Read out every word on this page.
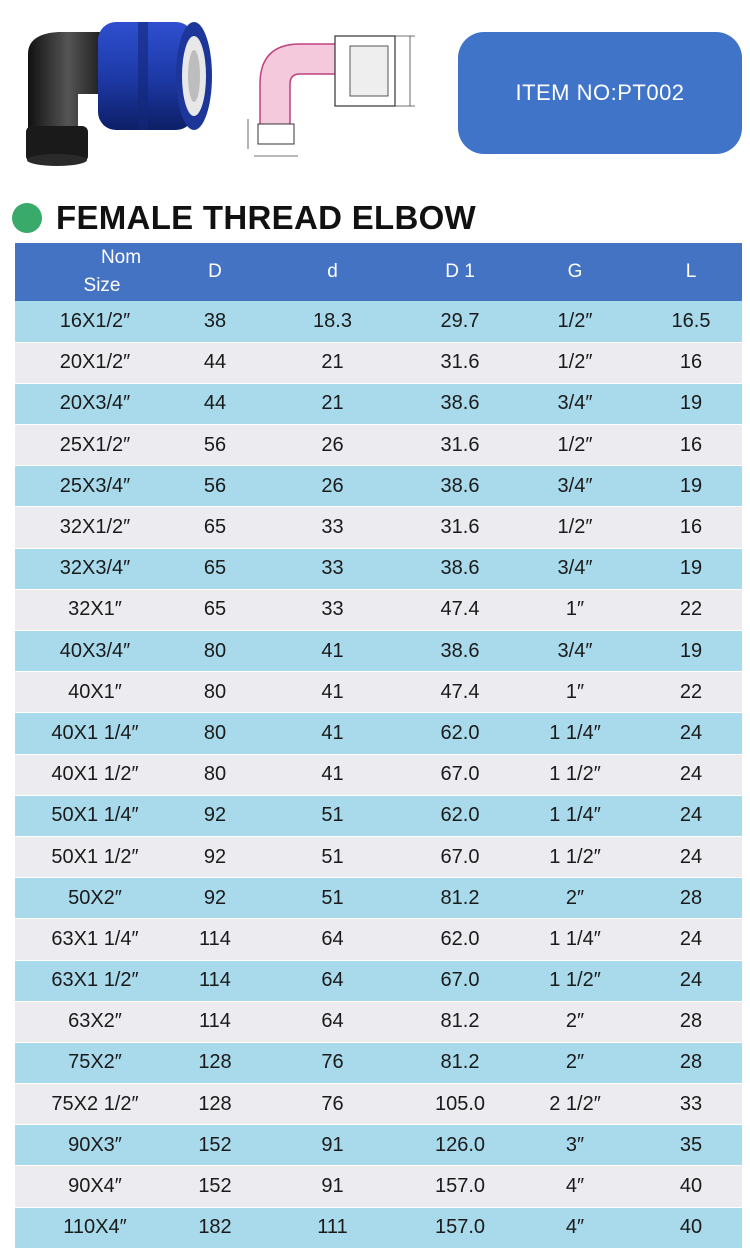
ITEM NO:PT002
FEMALE THREAD ELBOW
Nom
Size	D	d	D 1	G	L
16X1/2″	38	18.3	29.7	1/2″	16.5
20X1/2″	44	21	31.6	1/2″	16
20X3/4″	44	21	38.6	3/4″	19
25X1/2″	56	26	31.6	1/2″	16
25X3/4″	56	26	38.6	3/4″	19
32X1/2″	65	33	31.6	1/2″	16
32X3/4″	65	33	38.6	3/4″	19
32X1″	65	33	47.4	1″	22
40X3/4″	80	41	38.6	3/4″	19
40X1″	80	41	47.4	1″	22
40X1 1/4″	80	41	62.0	1 1/4″	24
40X1 1/2″	80	41	67.0	1 1/2″	24
50X1 1/4″	92	51	62.0	1 1/4″	24
50X1 1/2″	92	51	67.0	1 1/2″	24
50X2″	92	51	81.2	2″	28
63X1 1/4″	114	64	62.0	1 1/4″	24
63X1 1/2″	114	64	67.0	1 1/2″	24
63X2″	114	64	81.2	2″	28
75X2″	128	76	81.2	2″	28
75X2 1/2″	128	76	105.0	2 1/2″	33
90X3″	152	91	126.0	3″	35
90X4″	152	91	157.0	4″	40
110X4″	182	111	157.0	4″	40
